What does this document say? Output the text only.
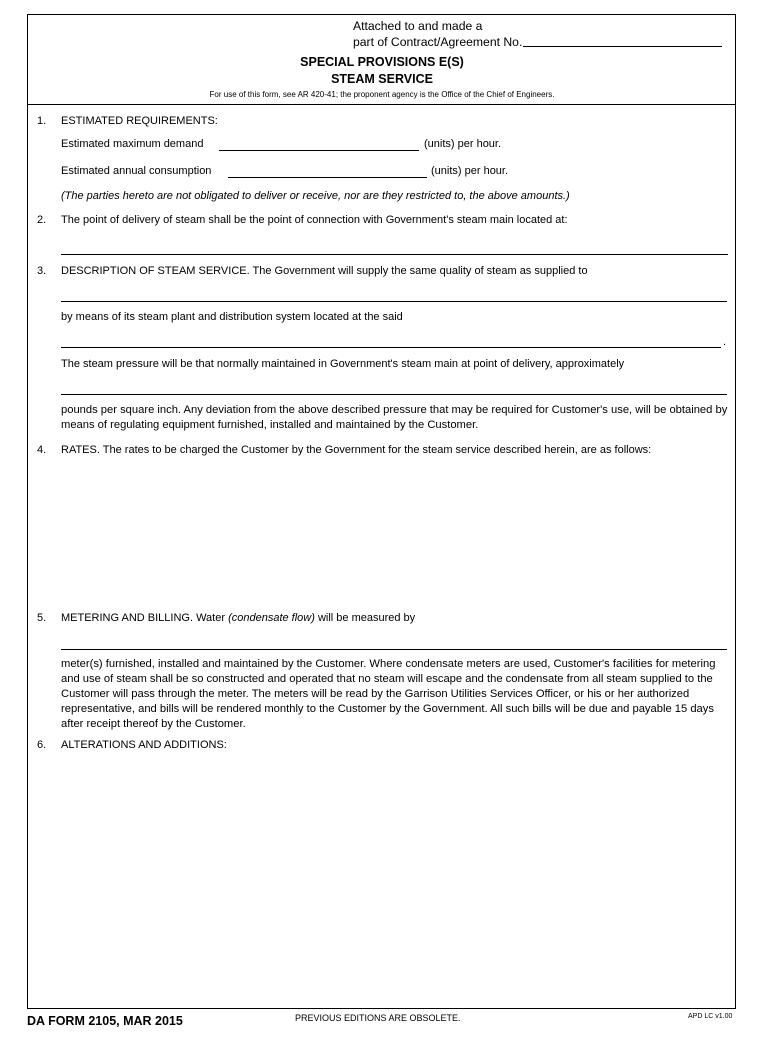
Attached to and made a
part of Contract/Agreement No.
SPECIAL PROVISIONS E(S)
STEAM SERVICE
For use of this form, see AR 420-41; the proponent agency is the Office of the Chief of Engineers.
1. ESTIMATED REQUIREMENTS:
Estimated maximum demand	(units) per hour.
Estimated annual consumption	(units) per hour.
(The parties hereto are not obligated to deliver or receive, nor are they restricted to, the above amounts.)
2. The point of delivery of steam shall be the point of connection with Government's steam main located at:
3. DESCRIPTION OF STEAM SERVICE. The Government will supply the same quality of steam as supplied to
by means of its steam plant and distribution system located at the said
.
The steam pressure will be that normally maintained in Government's steam main at point of delivery, approximately
pounds per square inch. Any deviation from the above described pressure that may be required for Customer's use, will be obtained by means of regulating equipment furnished, installed and maintained by the Customer.
4. RATES. The rates to be charged the Customer by the Government for the steam service described herein, are as follows:
5. METERING AND BILLING. Water (condensate flow) will be measured by
meter(s) furnished, installed and maintained by the Customer. Where condensate meters are used, Customer's facilities for metering and use of steam shall be so constructed and operated that no steam will escape and the condensate from all steam supplied to the Customer will pass through the meter. The meters will be read by the Garrison Utilities Services Officer, or his or her authorized representative, and bills will be rendered monthly to the Customer by the Government. All such bills will be due and payable 15 days after receipt thereof by the Customer.
6. ALTERATIONS AND ADDITIONS:
DA FORM 2105, MAR 2015	PREVIOUS EDITIONS ARE OBSOLETE.	APD LC v1.00
